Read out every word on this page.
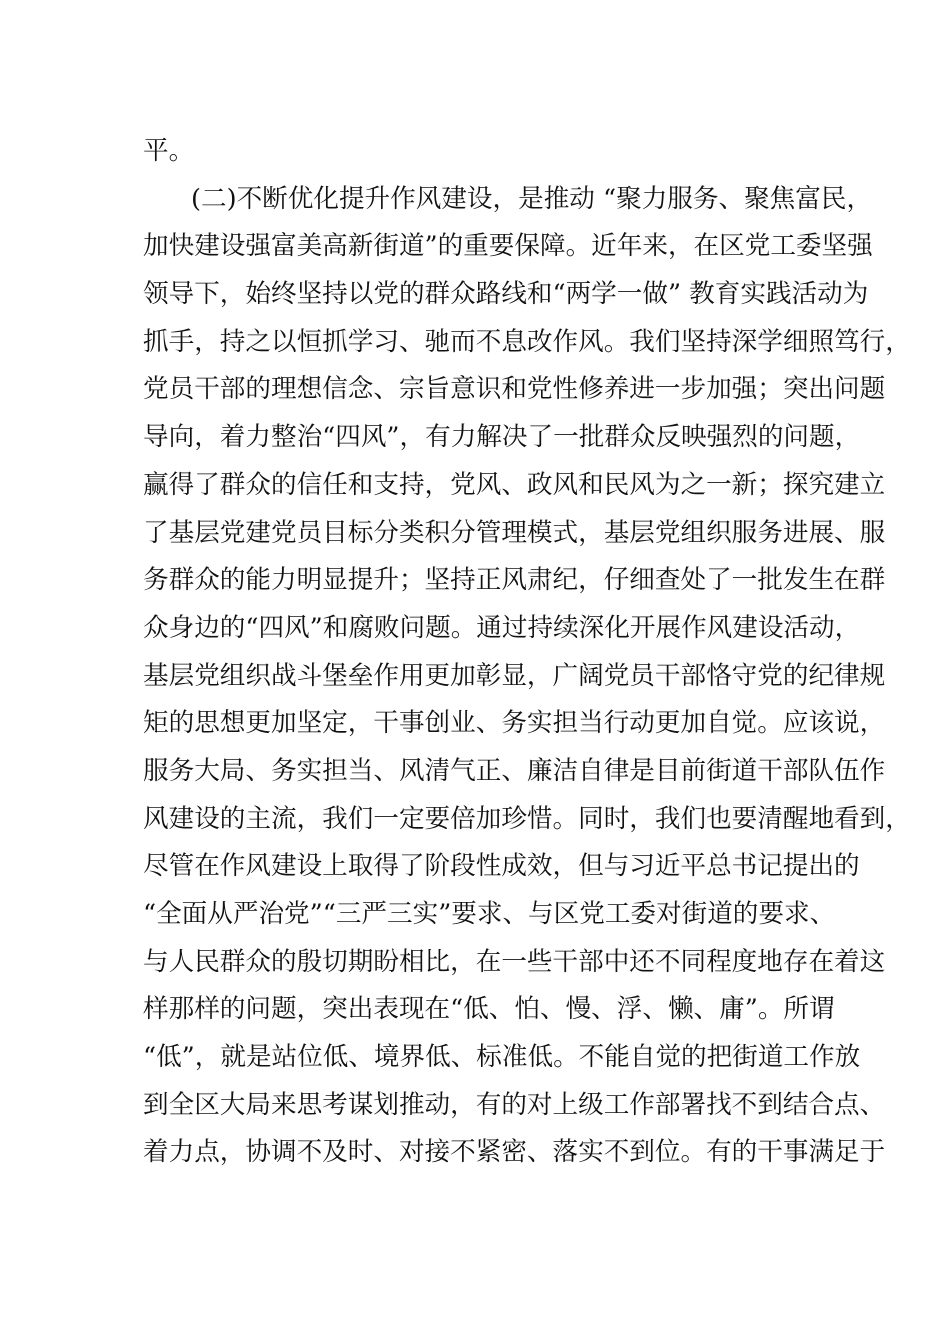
平。
(二)不断优化提升作风建设，是推动 “聚力服务、聚焦富民，
加快建设强富美高新街道”的重要保障。近年来，在区党工委坚强
领导下，始终坚持以党的群众路线和“两学一做” 教育实践活动为
抓手，持之以恒抓学习、驰而不息改作风。我们坚持深学细照笃行，
党员干部的理想信念、宗旨意识和党性修养进一步加强；突出问题
导向，着力整治“四风”，有力解决了一批群众反映强烈的问题，
赢得了群众的信任和支持，党风、政风和民风为之一新；探究建立
了基层党建党员目标分类积分管理模式，基层党组织服务进展、服
务群众的能力明显提升；坚持正风肃纪，仔细查处了一批发生在群
众身边的“四风”和腐败问题。通过持续深化开展作风建设活动，
基层党组织战斗堡垒作用更加彰显，广阔党员干部恪守党的纪律规
矩的思想更加坚定，干事创业、务实担当行动更加自觉。应该说，
服务大局、务实担当、风清气正、廉洁自律是目前街道干部队伍作
风建设的主流，我们一定要倍加珍惜。同时，我们也要清醒地看到，
尽管在作风建设上取得了阶段性成效，但与习近平总书记提出的
“全面从严治党”“三严三实”要求、与区党工委对街道的要求、
与人民群众的殷切期盼相比，在一些干部中还不同程度地存在着这
样那样的问题，突出表现在“低、怕、慢、浮、懒、庸”。所谓
“低”，就是站位低、境界低、标准低。不能自觉的把街道工作放
到全区大局来思考谋划推动，有的对上级工作部署找不到结合点、
着力点，协调不及时、对接不紧密、落实不到位。有的干事满足于
